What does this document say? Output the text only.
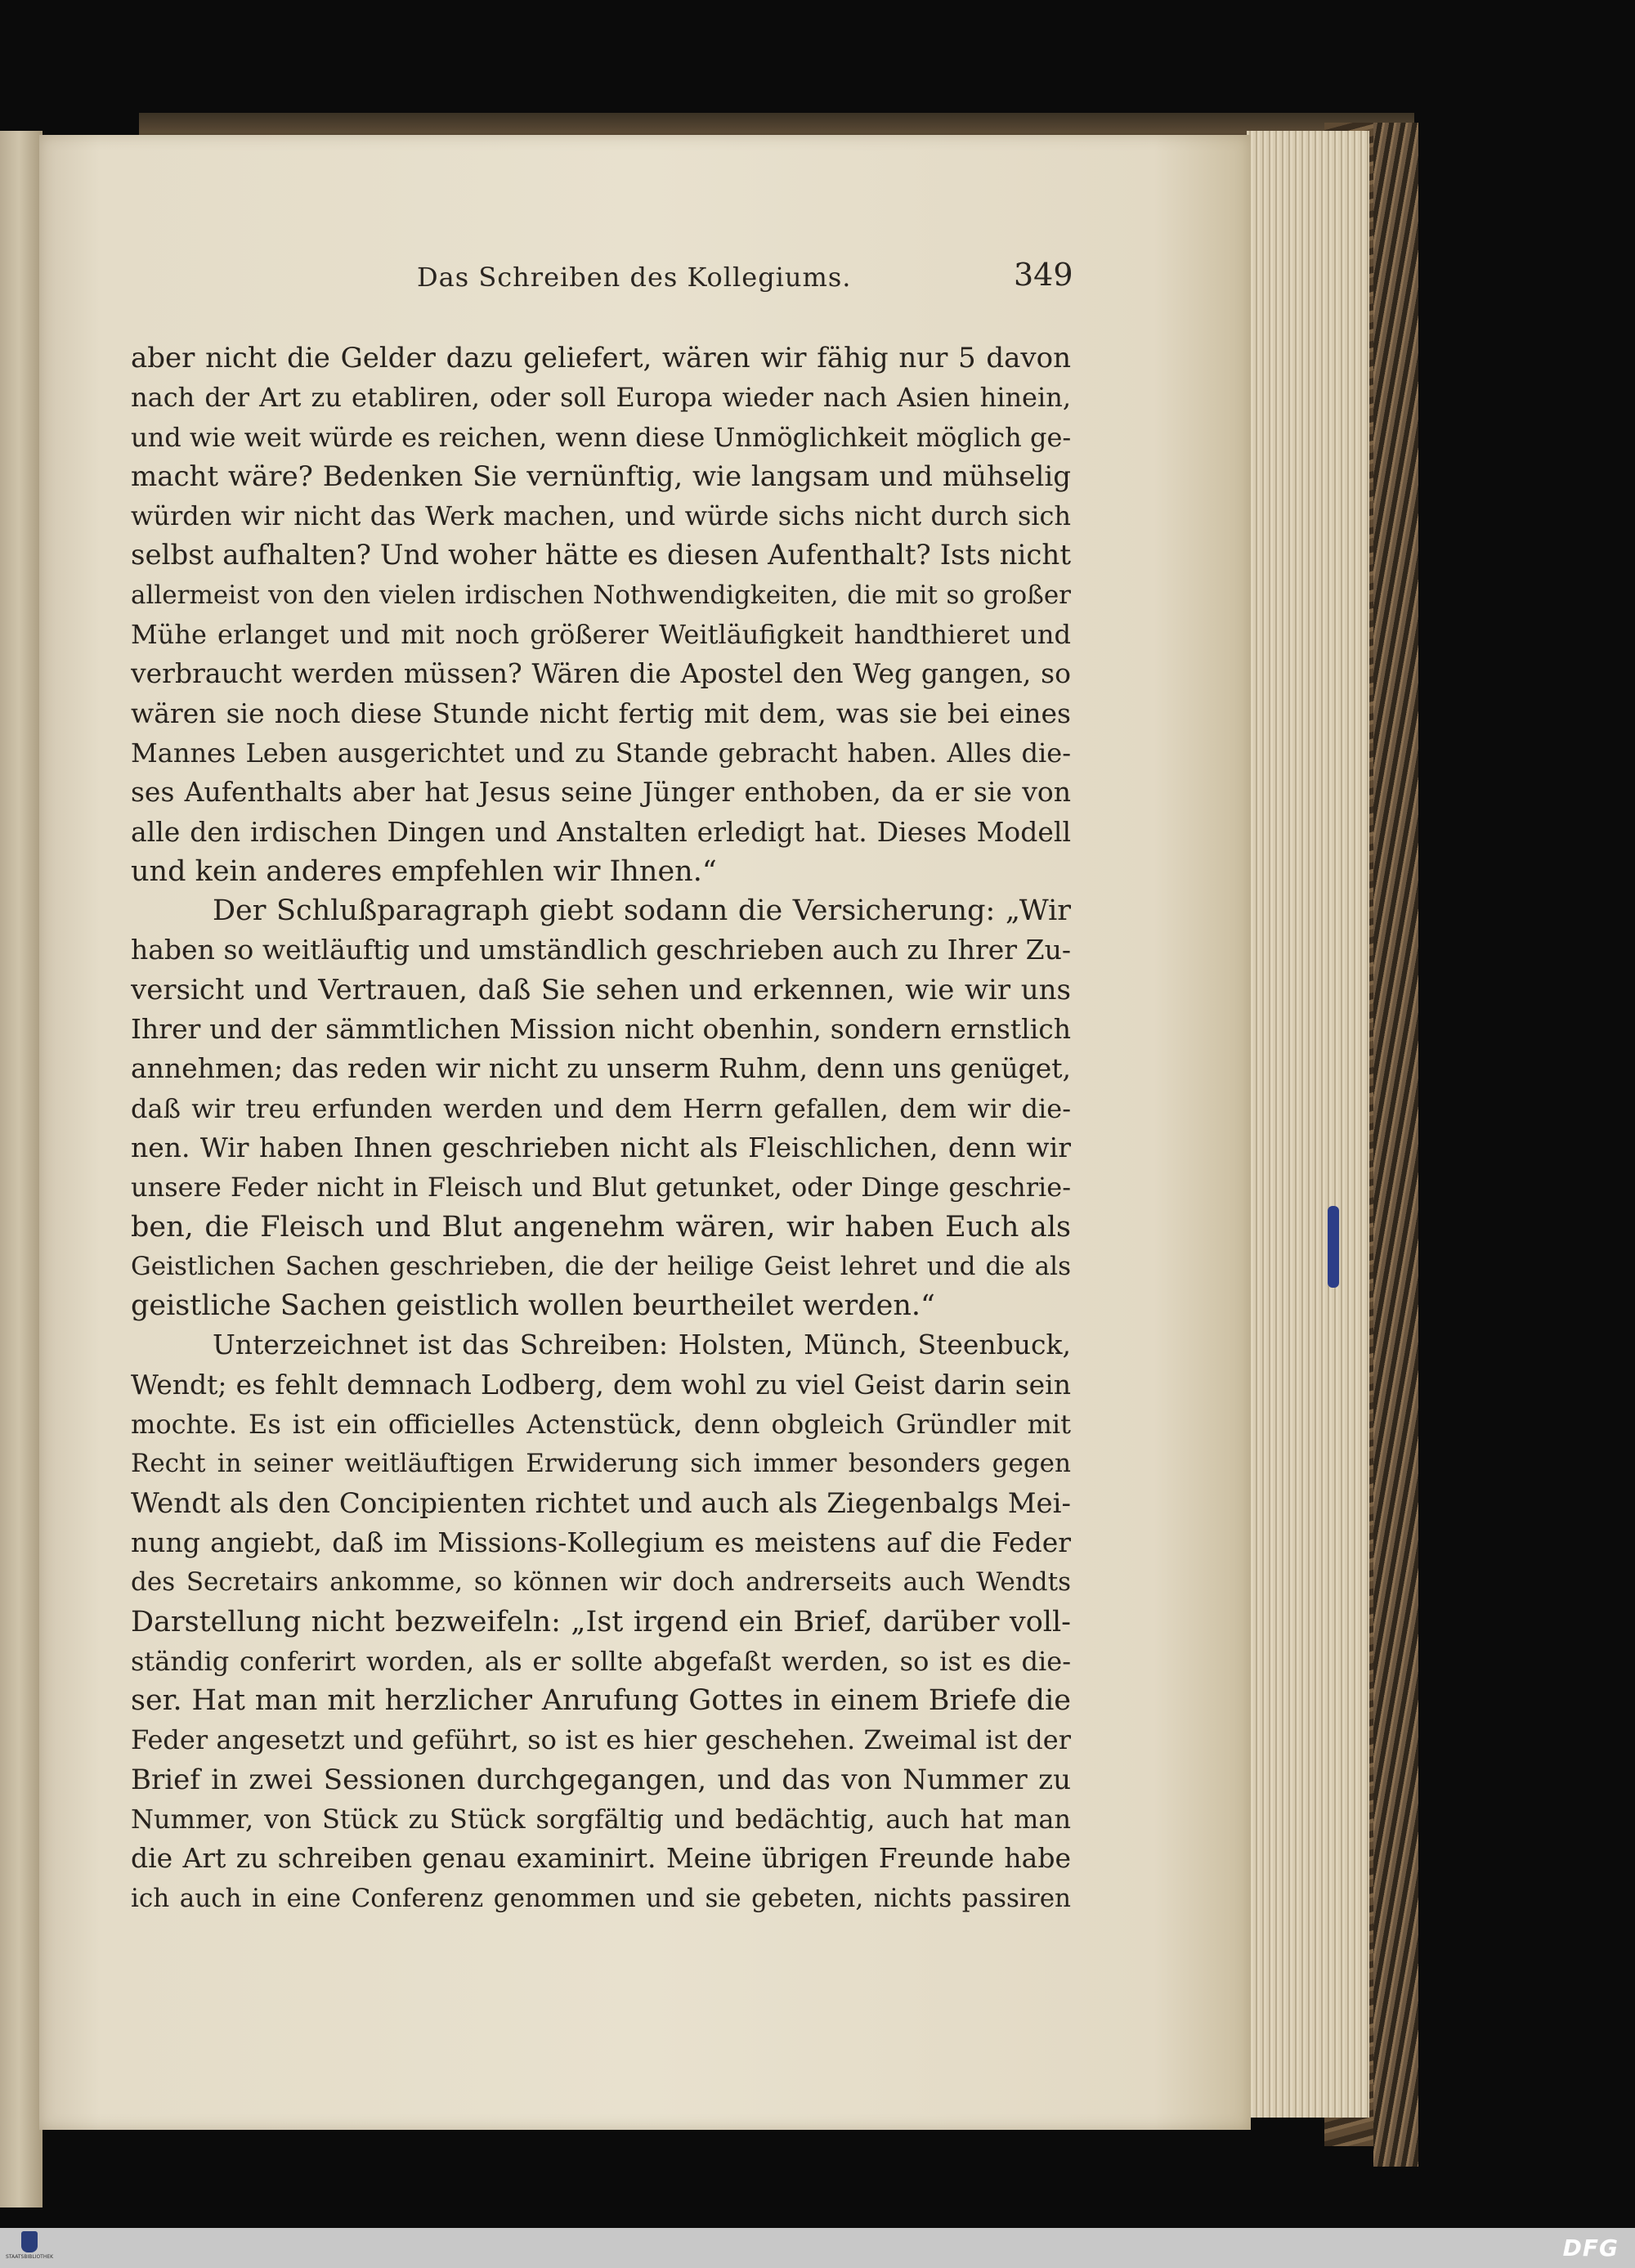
Das Schreiben des Kollegiums.	349
aber nicht die Gelder dazu geliefert, wären wir fähig nur 5 davon
nach der Art zu etabliren, oder soll Europa wieder nach Asien hinein,
und wie weit würde es reichen, wenn diese Unmöglichkeit möglich ge-
macht wäre? Bedenken Sie vernünftig, wie langsam und mühselig
würden wir nicht das Werk machen, und würde sichs nicht durch sich
selbst aufhalten? Und woher hätte es diesen Aufenthalt? Ists nicht
allermeist von den vielen irdischen Nothwendigkeiten, die mit so großer
Mühe erlanget und mit noch größerer Weitläufigkeit handthieret und
verbraucht werden müssen? Wären die Apostel den Weg gangen, so
wären sie noch diese Stunde nicht fertig mit dem, was sie bei eines
Mannes Leben ausgerichtet und zu Stande gebracht haben. Alles die-
ses Aufenthalts aber hat Jesus seine Jünger enthoben, da er sie von
alle den irdischen Dingen und Anstalten erledigt hat. Dieses Modell
und kein anderes empfehlen wir Ihnen.“
Der Schlußparagraph giebt sodann die Versicherung: „Wir
haben so weitläuftig und umständlich geschrieben auch zu Ihrer Zu-
versicht und Vertrauen, daß Sie sehen und erkennen, wie wir uns
Ihrer und der sämmtlichen Mission nicht obenhin, sondern ernstlich
annehmen; das reden wir nicht zu unserm Ruhm, denn uns genüget,
daß wir treu erfunden werden und dem Herrn gefallen, dem wir die-
nen. Wir haben Ihnen geschrieben nicht als Fleischlichen, denn wir
unsere Feder nicht in Fleisch und Blut getunket, oder Dinge geschrie-
ben, die Fleisch und Blut angenehm wären, wir haben Euch als
Geistlichen Sachen geschrieben, die der heilige Geist lehret und die als
geistliche Sachen geistlich wollen beurtheilet werden.“
Unterzeichnet ist das Schreiben: Holsten, Münch, Steenbuck,
Wendt; es fehlt demnach Lodberg, dem wohl zu viel Geist darin sein
mochte. Es ist ein officielles Actenstück, denn obgleich Gründler mit
Recht in seiner weitläuftigen Erwiderung sich immer besonders gegen
Wendt als den Concipienten richtet und auch als Ziegenbalgs Mei-
nung angiebt, daß im Missions-Kollegium es meistens auf die Feder
des Secretairs ankomme, so können wir doch andrerseits auch Wendts
Darstellung nicht bezweifeln: „Ist irgend ein Brief, darüber voll-
ständig conferirt worden, als er sollte abgefaßt werden, so ist es die-
ser. Hat man mit herzlicher Anrufung Gottes in einem Briefe die
Feder angesetzt und geführt, so ist es hier geschehen. Zweimal ist der
Brief in zwei Sessionen durchgegangen, und das von Nummer zu
Nummer, von Stück zu Stück sorgfältig und bedächtig, auch hat man
die Art zu schreiben genau examinirt. Meine übrigen Freunde habe
ich auch in eine Conferenz genommen und sie gebeten, nichts passiren
STAATSBIBLIOTHEK	DFG
